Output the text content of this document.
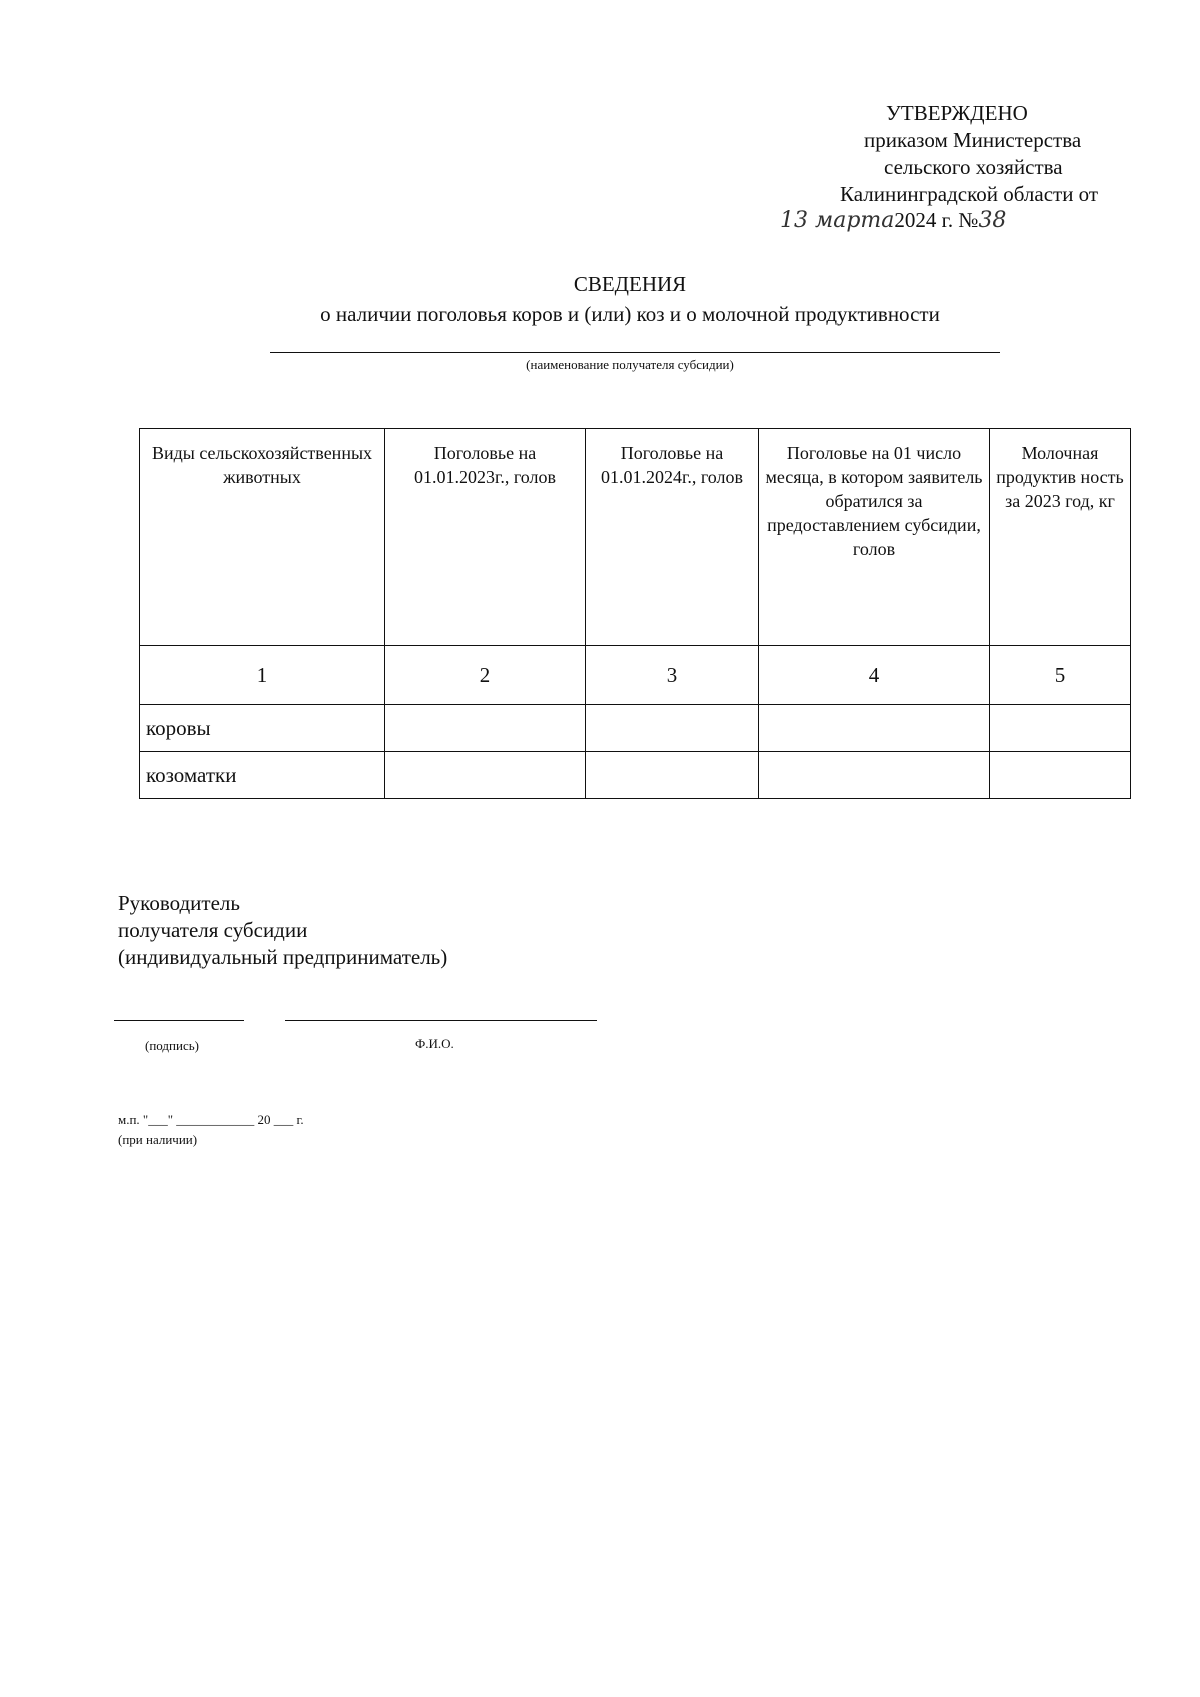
УТВЕРЖДЕНО
приказом Министерства
сельского хозяйства
Калининградской области от
13 марта2024 г. №38
СВЕДЕНИЯ
о наличии поголовья коров и (или) коз и о молочной продуктивности
(наименование получателя субсидии)
Виды сельскохозяйственных животных	Поголовье на 01.01.2023г., голов	Поголовье на 01.01.2024г., голов	Поголовье на 01 число месяца, в котором заявитель обратился за предоставлением субсидии, голов	Молочная продуктив ность за 2023 год, кг
1	2	3	4	5
коровы				
козоматки				
Руководитель
получателя субсидии
(индивидуальный предприниматель)
(подпись)	Ф.И.О.
м.п. "___" ____________ 20 ___ г.
(при наличии)
